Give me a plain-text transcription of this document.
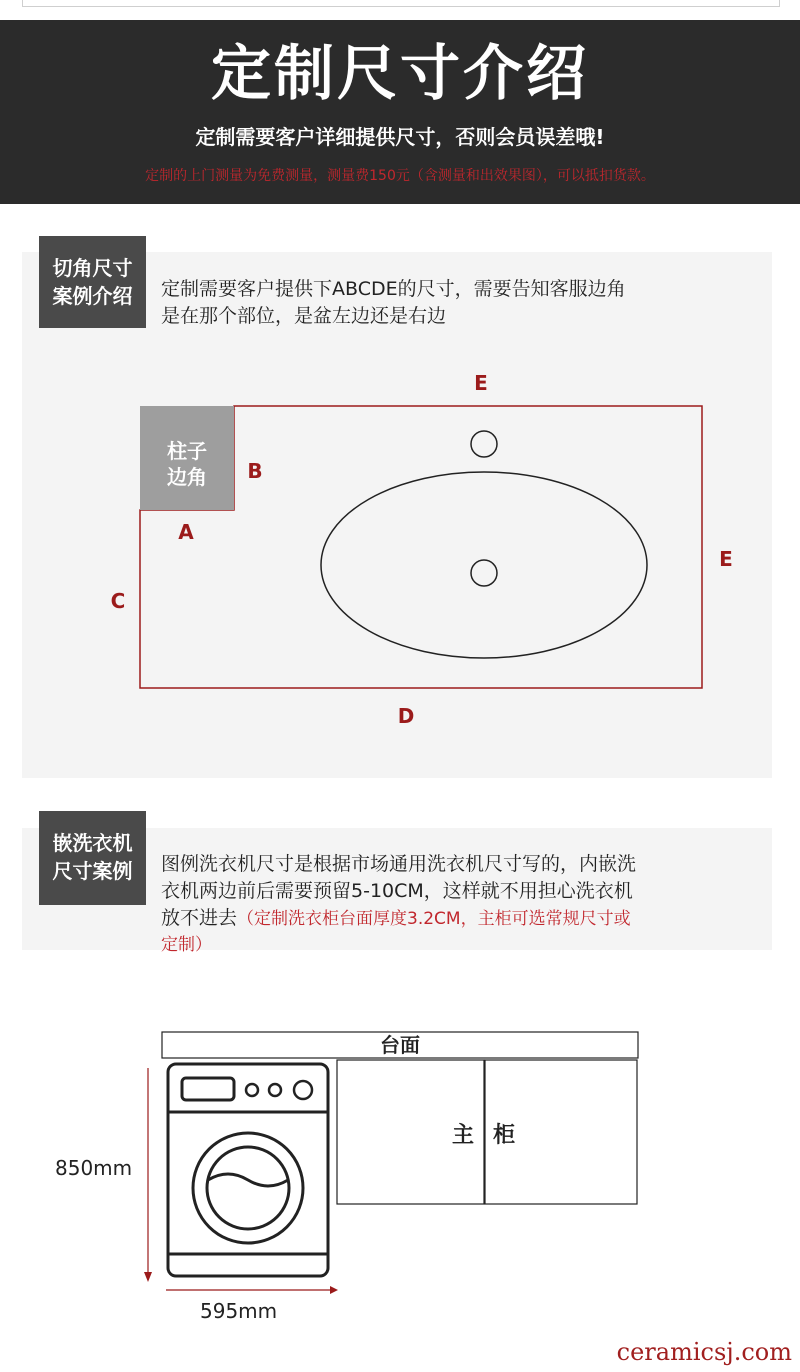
定制尺寸介绍
定制需要客户详细提供尺寸，否则会员误差哦!
定制的上门测量为免费测量，测量费150元（含测量和出效果图），可以抵扣货款。
切角尺寸
案例介绍	定制需要客户提供下ABCDE的尺寸，需要告知客服边角
是在那个部位，是盆左边还是右边
柱子
边角
E
B
A
E
C
D
嵌洗衣机
尺寸案例	图例洗衣机尺寸是根据市场通用洗衣机尺寸写的，内嵌洗
衣机两边前后需要预留5-10CM，这样就不用担心洗衣机
放不进去（定制洗衣柜台面厚度3.2CM，主柜可选常规尺寸或
定制）
台面
主 柜
850mm
595mm
ceramicsj.com
